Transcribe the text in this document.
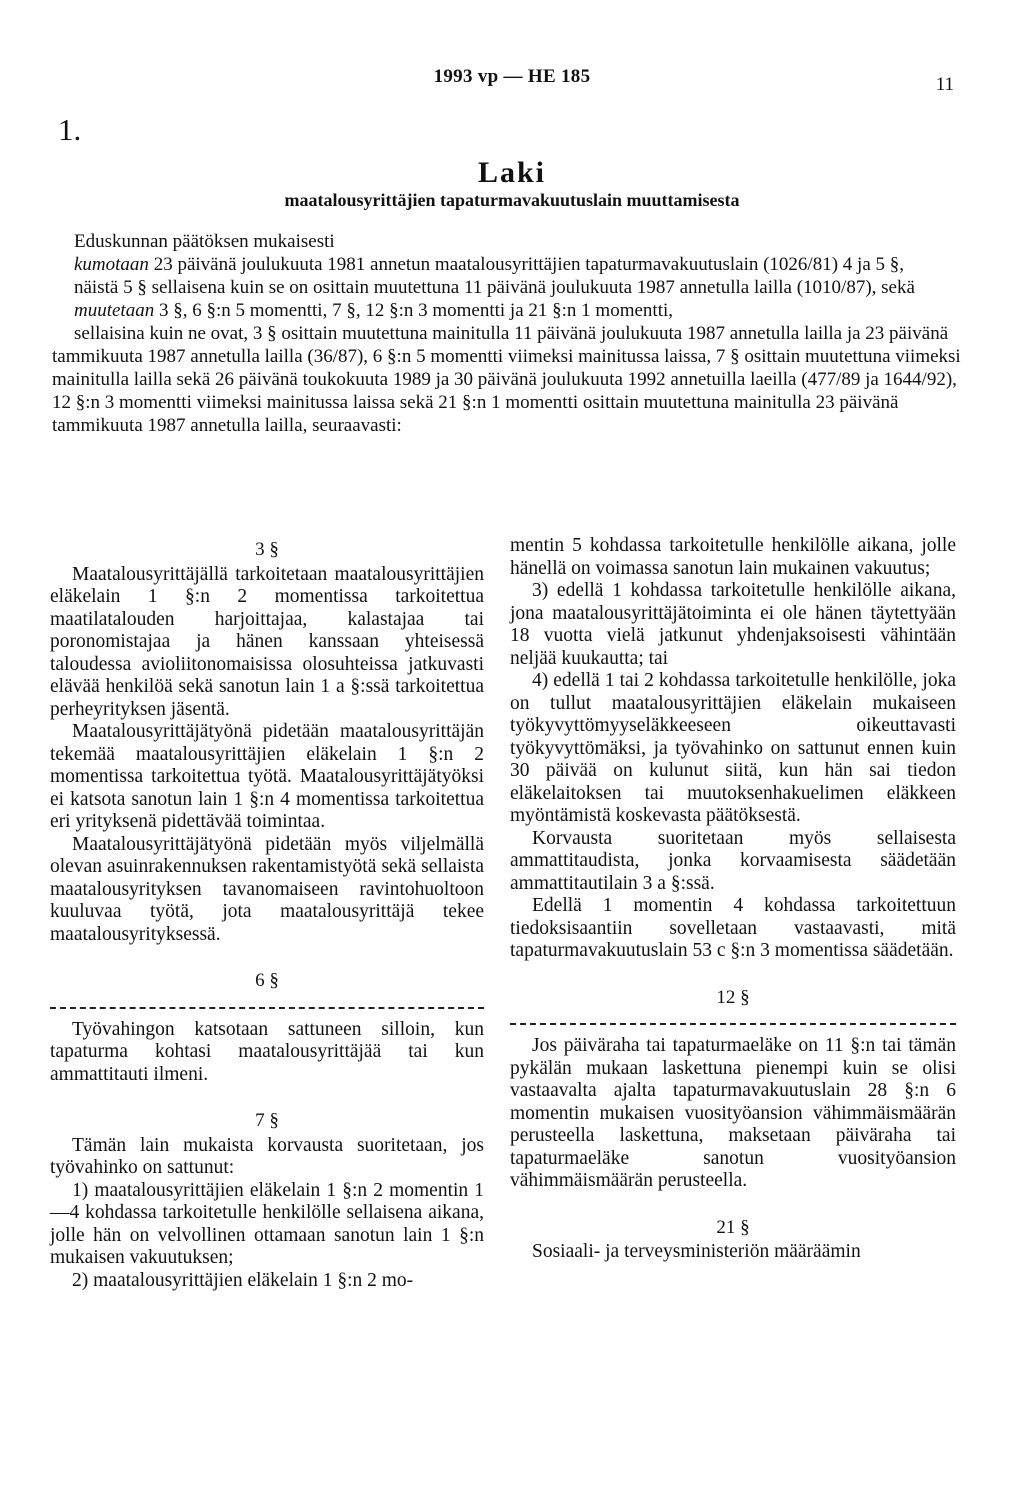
1993 vp — HE 185	11
1.
Laki
maatalousyrittäjien tapaturmavakuutuslain muuttamisesta

Eduskunnan päätöksen mukaisesti

kumotaan 23 päivänä joulukuuta 1981 annetun maatalousyrittäjien tapaturmavakuutuslain (1026/81) 4 ja 5 §,

näistä 5 § sellaisena kuin se on osittain muutettuna 11 päivänä joulukuuta 1987 annetulla lailla (1010/87), sekä

muutetaan 3 §, 6 §:n 5 momentti, 7 §, 12 §:n 3 momentti ja 21 §:n 1 momentti,

sellaisina kuin ne ovat, 3 § osittain muutettuna mainitulla 11 päivänä joulukuuta 1987 annetulla lailla ja 23 päivänä tammikuuta 1987 annetulla lailla (36/87), 6 §:n 5 momentti viimeksi mainitussa laissa, 7 § osittain muutettuna viimeksi mainitulla lailla sekä 26 päivänä toukokuuta 1989 ja 30 päivänä joulukuuta 1992 annetuilla laeilla (477/89 ja 1644/92), 12 §:n 3 momentti viimeksi mainitussa laissa sekä 21 §:n 1 momentti osittain muutettuna mainitulla 23 päivänä tammikuuta 1987 annetulla lailla, seuraavasti:

3 §

Maatalousyrittäjällä tarkoitetaan maatalousyrittäjien eläkelain 1 §:n 2 momentissa tarkoitettua maatilatalouden harjoittajaa, kalastajaa tai poronomistajaa ja hänen kanssaan yhteisessä taloudessa avioliitonomaisissa olosuhteissa jatkuvasti elävää henkilöä sekä sanotun lain 1 a §:ssä tarkoitettua perheyrityksen jäsentä.

Maatalousyrittäjätyönä pidetään maatalousyrittäjän tekemää maatalousyrittäjien eläkelain 1 §:n 2 momentissa tarkoitettua työtä. Maatalousyrittäjätyöksi ei katsota sanotun lain 1 §:n 4 momentissa tarkoitettua eri yrityksenä pidettävää toimintaa.

Maatalousyrittäjätyönä pidetään myös viljelmällä olevan asuinrakennuksen rakentamistyötä sekä sellaista maatalousyrityksen tavanomaiseen ravintohuoltoon kuuluvaa työtä, jota maatalousyrittäjä tekee maatalousyrityksessä.

6 §

Työvahingon katsotaan sattuneen silloin, kun tapaturma kohtasi maatalousyrittäjää tai kun ammattitauti ilmeni.

7 §

Tämän lain mukaista korvausta suoritetaan, jos työvahinko on sattunut:

1) maatalousyrittäjien eläkelain 1 §:n 2 momentin 1—4 kohdassa tarkoitetulle henkilölle sellaisena aikana, jolle hän on velvollinen ottamaan sanotun lain 1 §:n mukaisen vakuutuksen;

2) maatalousyrittäjien eläkelain 1 §:n 2 mo-

mentin 5 kohdassa tarkoitetulle henkilölle aikana, jolle hänellä on voimassa sanotun lain mukainen vakuutus;

3) edellä 1 kohdassa tarkoitetulle henkilölle aikana, jona maatalousyrittäjätoiminta ei ole hänen täytettyään 18 vuotta vielä jatkunut yhdenjaksoisesti vähintään neljää kuukautta; tai

4) edellä 1 tai 2 kohdassa tarkoitetulle henkilölle, joka on tullut maatalousyrittäjien eläkelain mukaiseen työkyvyttömyyseläkkeeseen oikeuttavasti työkyvyttömäksi, ja työvahinko on sattunut ennen kuin 30 päivää on kulunut siitä, kun hän sai tiedon eläkelaitoksen tai muutoksenhakuelimen eläkkeen myöntämistä koskevasta päätöksestä.

Korvausta suoritetaan myös sellaisesta ammattitaudista, jonka korvaamisesta säädetään ammattitautilain 3 a §:ssä.

Edellä 1 momentin 4 kohdassa tarkoitettuun tiedoksisaantiin sovelletaan vastaavasti, mitä tapaturmavakuutuslain 53 c §:n 3 momentissa säädetään.

12 §

Jos päiväraha tai tapaturmaeläke on 11 §:n tai tämän pykälän mukaan laskettuna pienempi kuin se olisi vastaavalta ajalta tapaturmavakuutuslain 28 §:n 6 momentin mukaisen vuosityöansion vähimmäismäärän perusteella laskettuna, maksetaan päiväraha tai tapaturmaeläke sanotun vuosityöansion vähimmäismäärän perusteella.

21 §

Sosiaali- ja terveysministeriön määräämin
